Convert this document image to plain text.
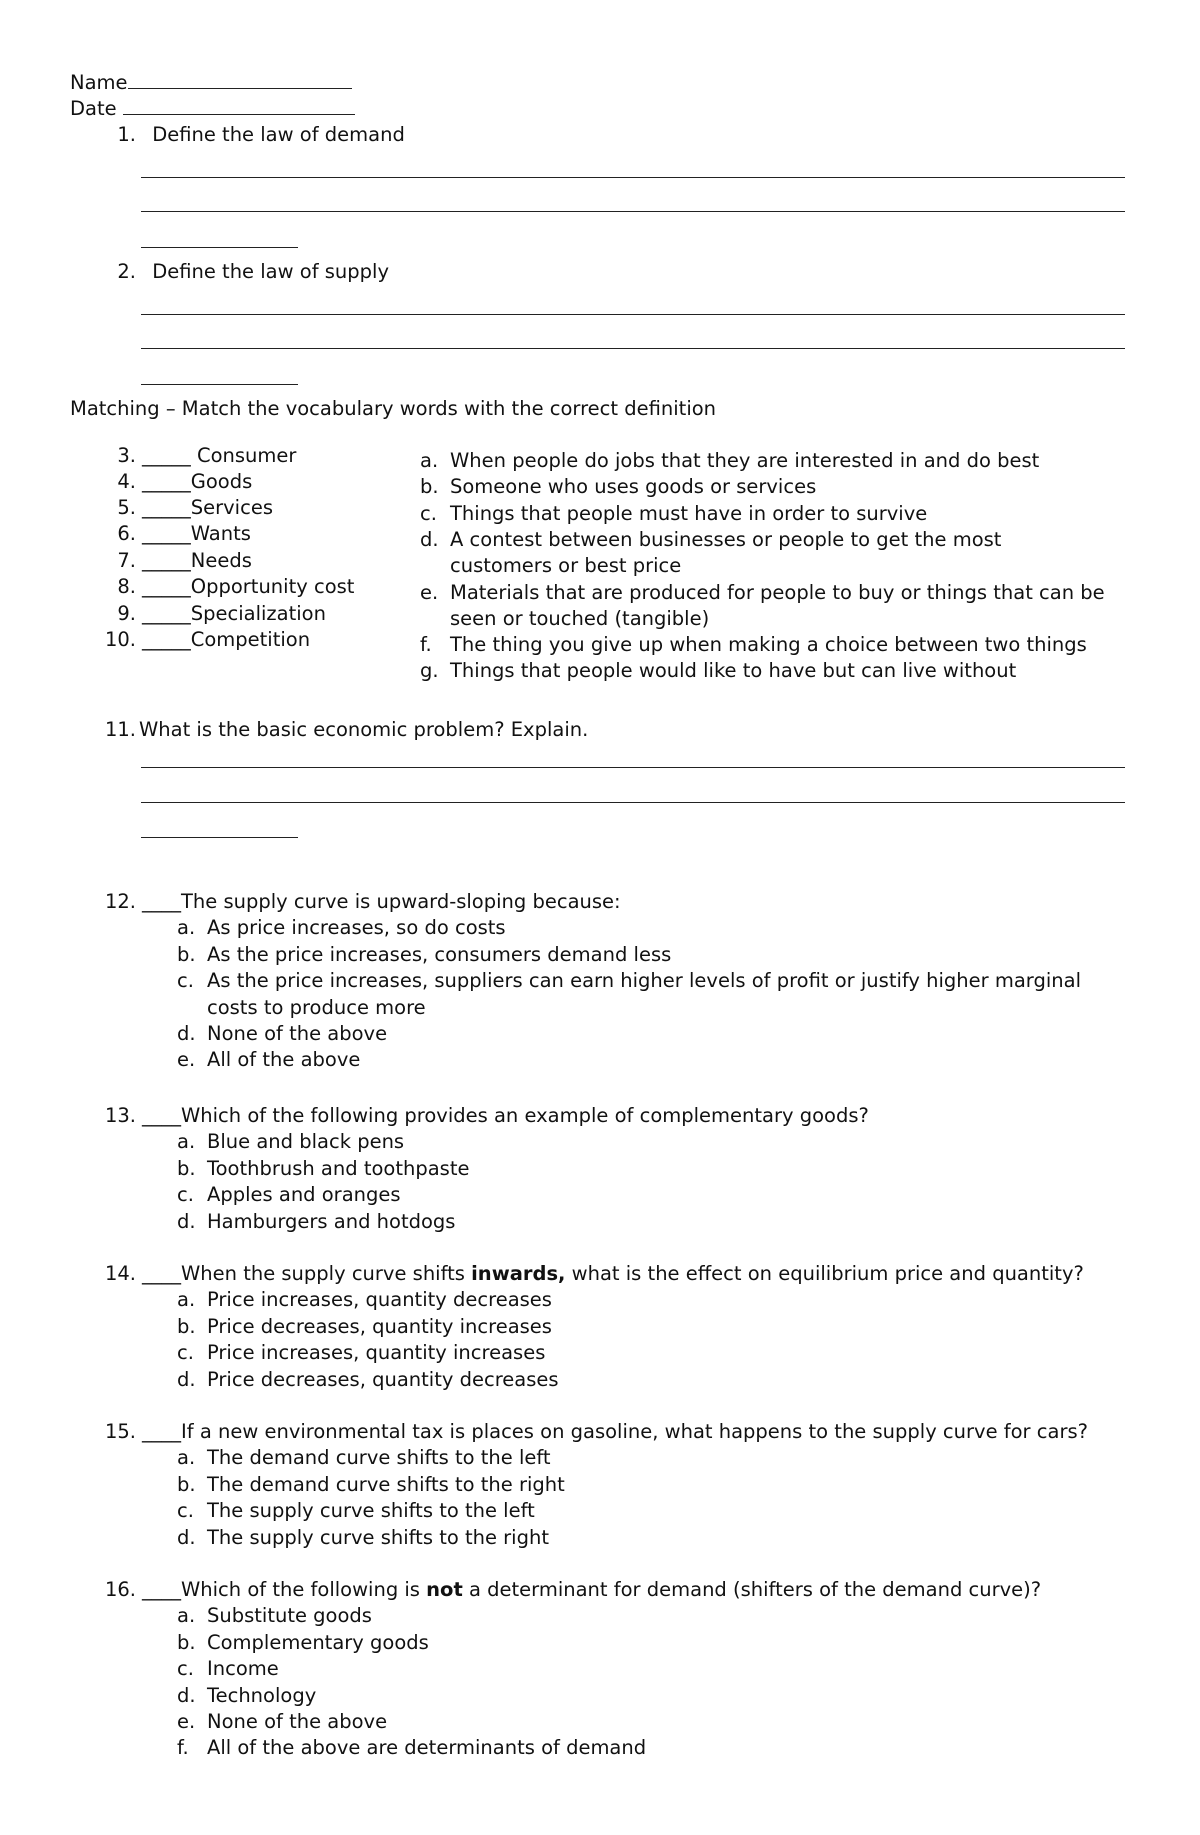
Name
Date
1. Define the law of demand
2. Define the law of supply
Matching – Match the vocabulary words with the correct definition
3. _____ Consumer
4. _____Goods
5. _____Services
6. _____Wants
7. _____Needs
8. _____Opportunity cost
9. _____Specialization
10. _____Competition
a. When people do jobs that they are interested in and do best
b. Someone who uses goods or services
c. Things that people must have in order to survive
d. A contest between businesses or people to get the most
customers or best price
e. Materials that are produced for people to buy or things that can be
seen or touched (tangible)
f. The thing you give up when making a choice between two things
g. Things that people would like to have but can live without
11. What is the basic economic problem? Explain.
12. ____The supply curve is upward-sloping because:
a. As price increases, so do costs
b. As the price increases, consumers demand less
c. As the price increases, suppliers can earn higher levels of profit or justify higher marginal
costs to produce more
d. None of the above
e. All of the above
13. ____Which of the following provides an example of complementary goods?
a. Blue and black pens
b. Toothbrush and toothpaste
c. Apples and oranges
d. Hamburgers and hotdogs
14. ____When the supply curve shifts inwards, what is the effect on equilibrium price and quantity?
a. Price increases, quantity decreases
b. Price decreases, quantity increases
c. Price increases, quantity increases
d. Price decreases, quantity decreases
15. ____If a new environmental tax is places on gasoline, what happens to the supply curve for cars?
a. The demand curve shifts to the left
b. The demand curve shifts to the right
c. The supply curve shifts to the left
d. The supply curve shifts to the right
16. ____Which of the following is not a determinant for demand (shifters of the demand curve)?
a. Substitute goods
b. Complementary goods
c. Income
d. Technology
e. None of the above
f. All of the above are determinants of demand
